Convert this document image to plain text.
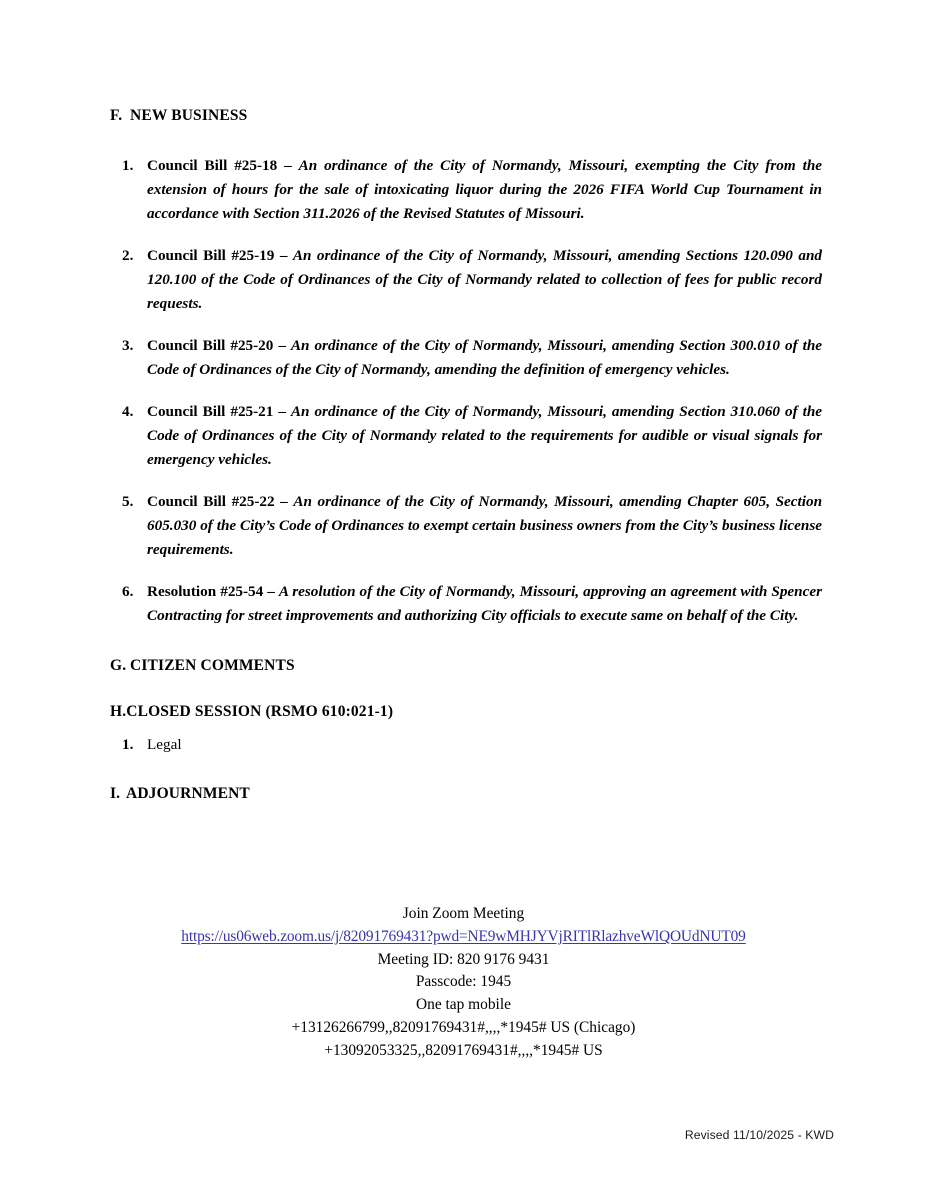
F. NEW BUSINESS
1. Council Bill #25-18 – An ordinance of the City of Normandy, Missouri, exempting the City from the extension of hours for the sale of intoxicating liquor during the 2026 FIFA World Cup Tournament in accordance with Section 311.2026 of the Revised Statutes of Missouri.
2. Council Bill #25-19 – An ordinance of the City of Normandy, Missouri, amending Sections 120.090 and 120.100 of the Code of Ordinances of the City of Normandy related to collection of fees for public record requests.
3. Council Bill #25-20 – An ordinance of the City of Normandy, Missouri, amending Section 300.010 of the Code of Ordinances of the City of Normandy, amending the definition of emergency vehicles.
4. Council Bill #25-21 – An ordinance of the City of Normandy, Missouri, amending Section 310.060 of the Code of Ordinances of the City of Normandy related to the requirements for audible or visual signals for emergency vehicles.
5. Council Bill #25-22 – An ordinance of the City of Normandy, Missouri, amending Chapter 605, Section 605.030 of the City’s Code of Ordinances to exempt certain business owners from the City’s business license requirements.
6. Resolution #25-54 – A resolution of the City of Normandy, Missouri, approving an agreement with Spencer Contracting for street improvements and authorizing City officials to execute same on behalf of the City.
G. CITIZEN COMMENTS
H. CLOSED SESSION (RSMO 610:021-1)
1. Legal
I. ADJOURNMENT
Join Zoom Meeting
https://us06web.zoom.us/j/82091769431?pwd=NE9wMHJYVjRITlRlazhveWlQOUdNUT09
Meeting ID: 820 9176 9431
Passcode: 1945
One tap mobile
+13126266799,,82091769431#,,,,*1945# US (Chicago)
+13092053325,,82091769431#,,,,*1945# US
Revised 11/10/2025 - KWD
